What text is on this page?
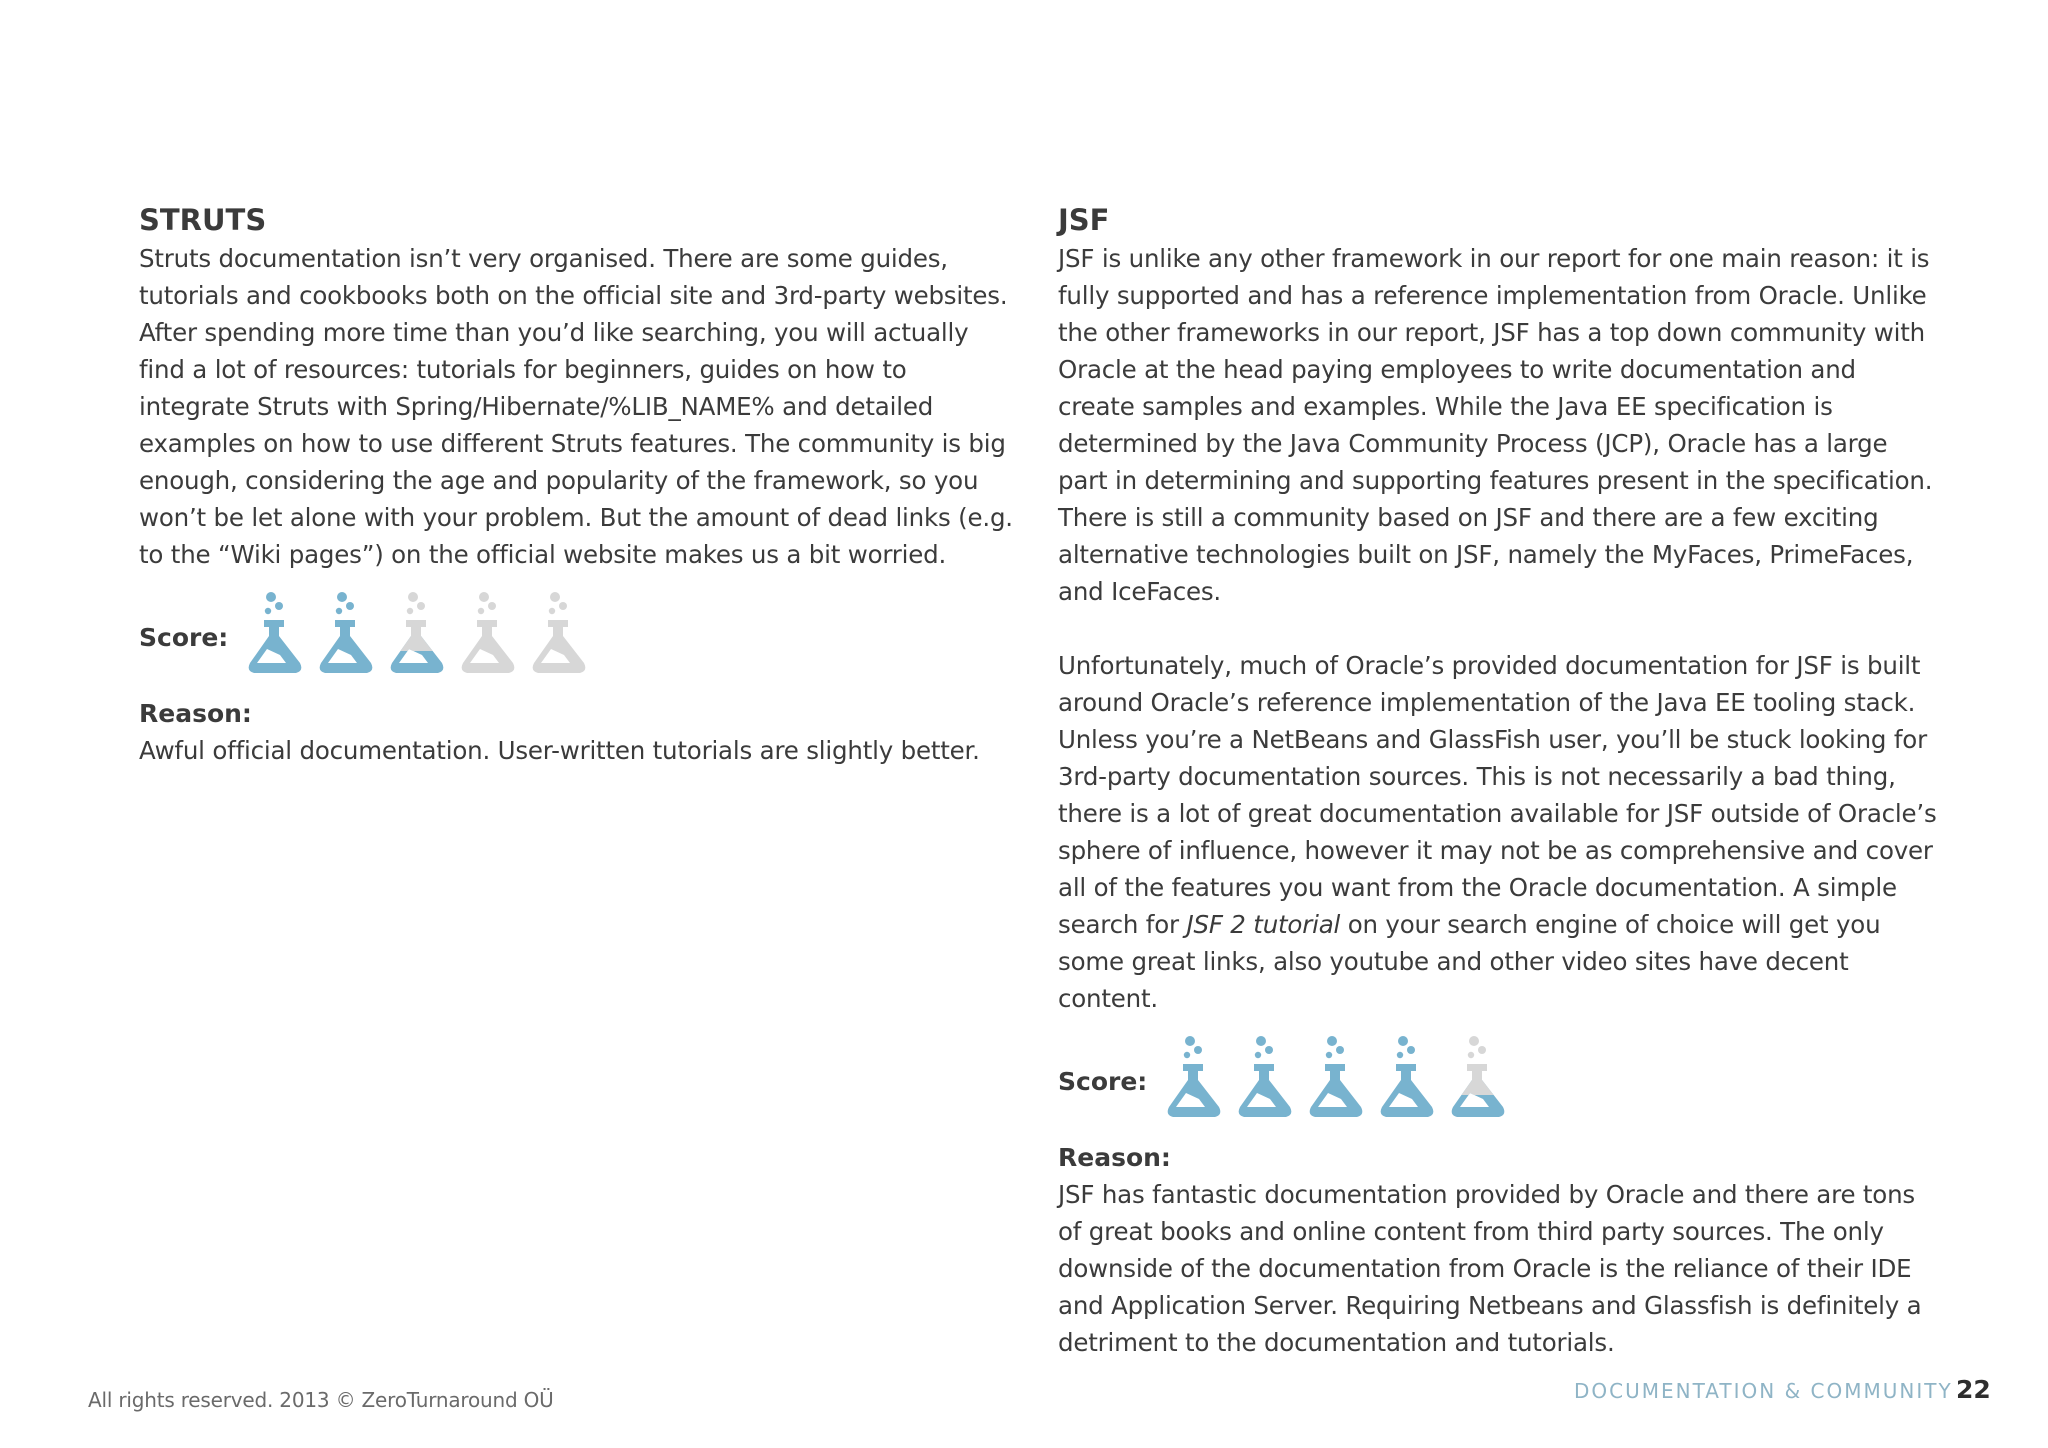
STRUTS

Struts documentation isn’t very organised. There are some guides, tutorials and cookbooks both on the official site and 3rd-party websites. After spending more time than you’d like searching, you will actually find a lot of resources: tutorials for beginners, guides on how to integrate Struts with Spring/Hibernate/%LIB_NAME% and detailed examples on how to use different Struts features. The community is big enough, considering the age and popularity of the framework, so you won’t be let alone with your problem. But the amount of dead links (e.g. to the “Wiki pages”) on the official website makes us a bit worried.

Score:
Reason:

Awful official documentation. User-written tutorials are slightly better.

JSF

JSF is unlike any other framework in our report for one main reason: it is fully supported and has a reference implementation from Oracle. Unlike the other frameworks in our report, JSF has a top down community with Oracle at the head paying employees to write documentation and create samples and examples. While the Java EE specification is determined by the Java Community Process (JCP), Oracle has a large part in determining and supporting features present in the specification. There is still a community based on JSF and there are a few exciting alternative technologies built on JSF, namely the MyFaces, PrimeFaces, and IceFaces.

Unfortunately, much of Oracle’s provided documentation for JSF is built around Oracle’s reference implementation of the Java EE tooling stack. Unless you’re a NetBeans and GlassFish user, you’ll be stuck looking for 3rd-party documentation sources. This is not necessarily a bad thing, there is a lot of great documentation available for JSF outside of Oracle’s sphere of influence, however it may not be as comprehensive and cover all of the features you want from the Oracle documentation. A simple search for JSF 2 tutorial on your search engine of choice will get you some great links, also youtube and other video sites have decent content.

Score:
Reason:

JSF has fantastic documentation provided by Oracle and there are tons of great books and online content from third party sources. The only downside of the documentation from Oracle is the reliance of their IDE and Application Server. Requiring Netbeans and Glassfish is definitely a detriment to the documentation and tutorials.

All rights reserved. 2013 © ZeroTurnaround OÜ	DOCUMENTATION & COMMUNITY 22
